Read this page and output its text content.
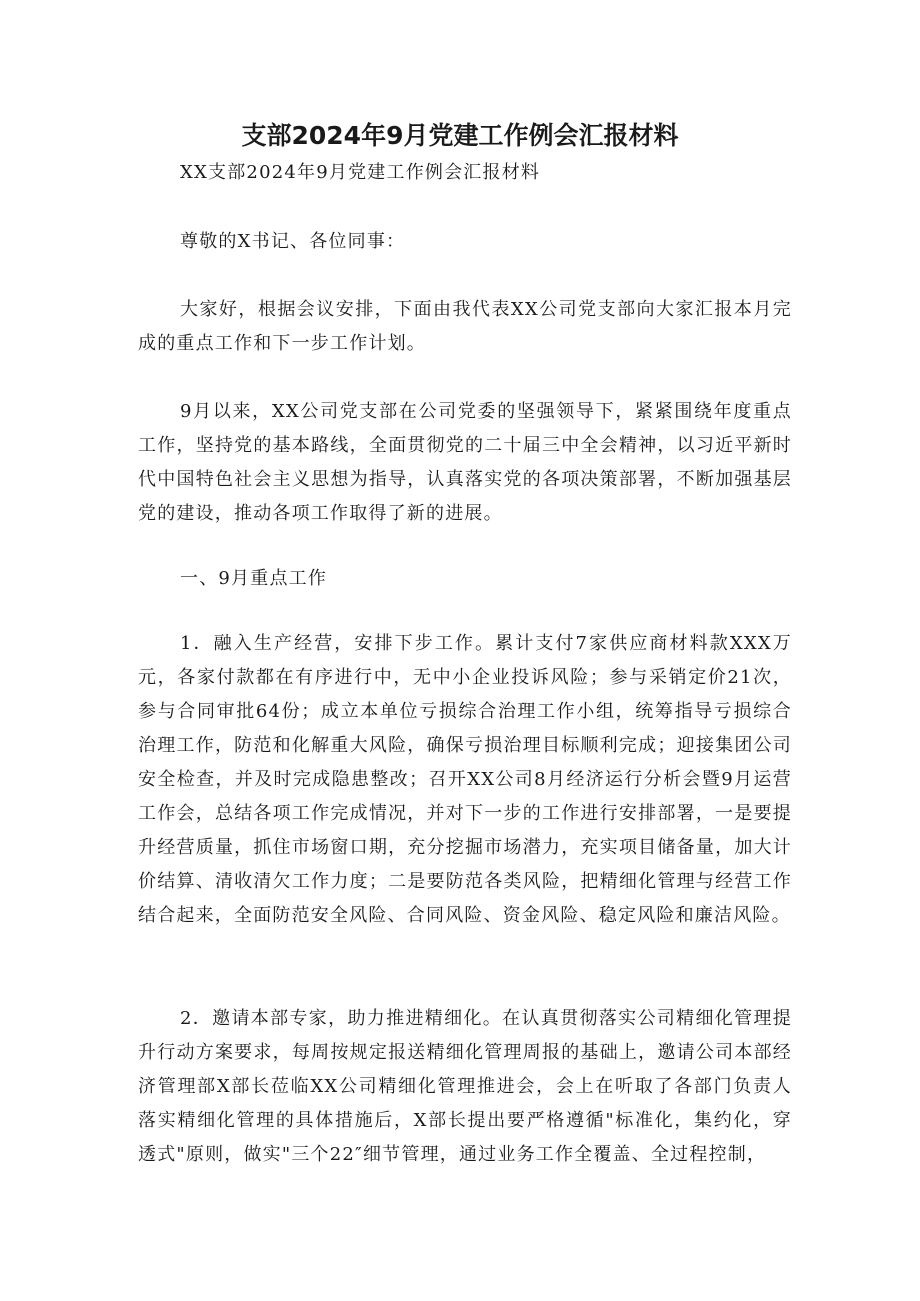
支部2024年9月党建工作例会汇报材料

XX支部2024年9月党建工作例会汇报材料

尊敬的X书记、各位同事：

大家好，根据会议安排，下面由我代表XX公司党支部向大家汇报本月完成的重点工作和下一步工作计划。

9月以来，XX公司党支部在公司党委的坚强领导下，紧紧围绕年度重点工作，坚持党的基本路线，全面贯彻党的二十届三中全会精神，以习近平新时代中国特色社会主义思想为指导，认真落实党的各项决策部署，不断加强基层党的建设，推动各项工作取得了新的进展。

一、9月重点工作

1．融入生产经营，安排下步工作。累计支付7家供应商材料款XXX万元，各家付款都在有序进行中，无中小企业投诉风险；参与采销定价21次，参与合同审批64份；成立本单位亏损综合治理工作小组，统筹指导亏损综合治理工作，防范和化解重大风险，确保亏损治理目标顺利完成；迎接集团公司安全检查，并及时完成隐患整改；召开XX公司8月经济运行分析会暨9月运营工作会，总结各项工作完成情况，并对下一步的工作进行安排部署，一是要提升经营质量，抓住市场窗口期，充分挖掘市场潜力，充实项目储备量，加大计价结算、清收清欠工作力度；二是要防范各类风险，把精细化管理与经营工作结合起来，全面防范安全风险、合同风险、资金风险、稳定风险和廉洁风险。

2．邀请本部专家，助力推进精细化。在认真贯彻落实公司精细化管理提升行动方案要求，每周按规定报送精细化管理周报的基础上，邀请公司本部经济管理部X部长莅临XX公司精细化管理推进会，会上在听取了各部门负责人落实精细化管理的具体措施后，X部长提出要严格遵循"标准化，集约化，穿透式"原则，做实"三个22″细节管理，通过业务工作全覆盖、全过程控制，
